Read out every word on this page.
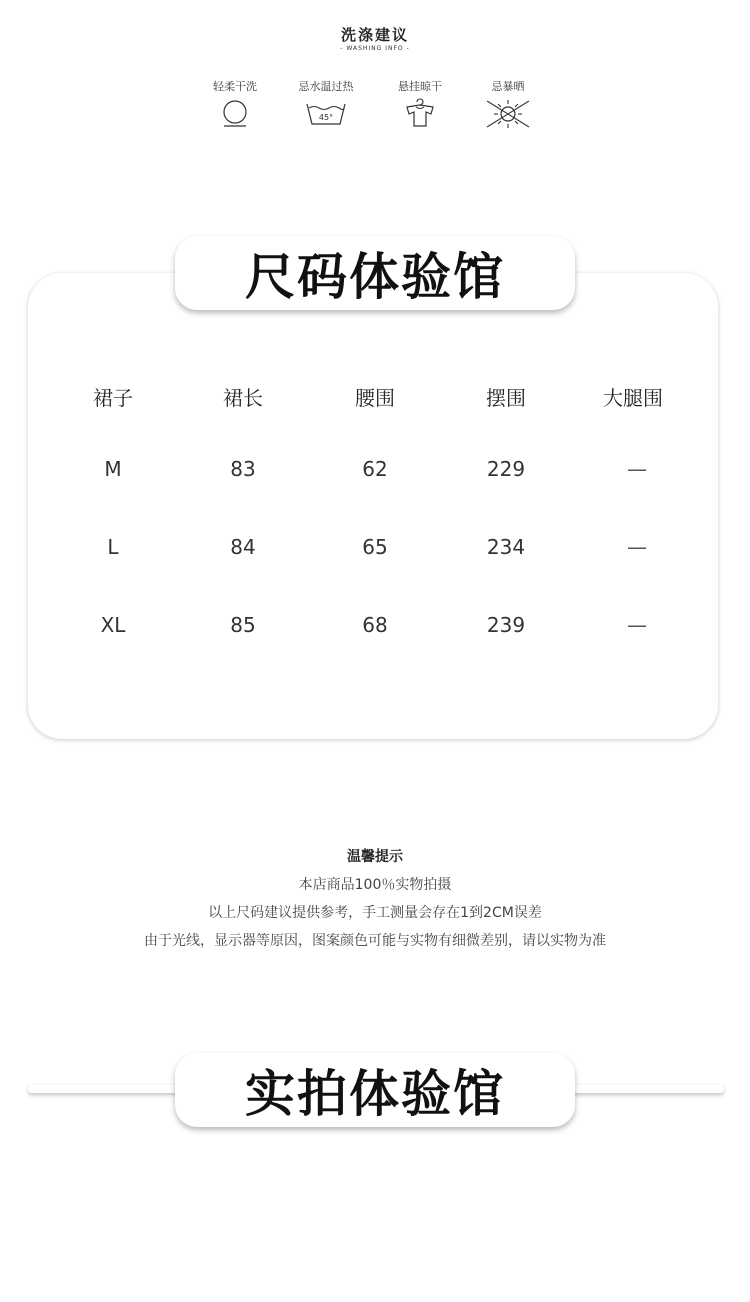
洗涤建议
- WASHING INFO -
轻柔干洗	忌水温过热
45°
悬挂晾干	忌暴晒
尺码体验馆
裙子	裙长	腰围	摆围	大腿围
M	83	62	229	—
L	84	65	234	—
XL	85	68	239	—
温馨提示
本店商品100％实物拍摄
以上尺码建议提供参考，手工测量会存在1到2CM误差
由于光线，显示器等原因，图案颜色可能与实物有细微差别，请以实物为准
实拍体验馆
